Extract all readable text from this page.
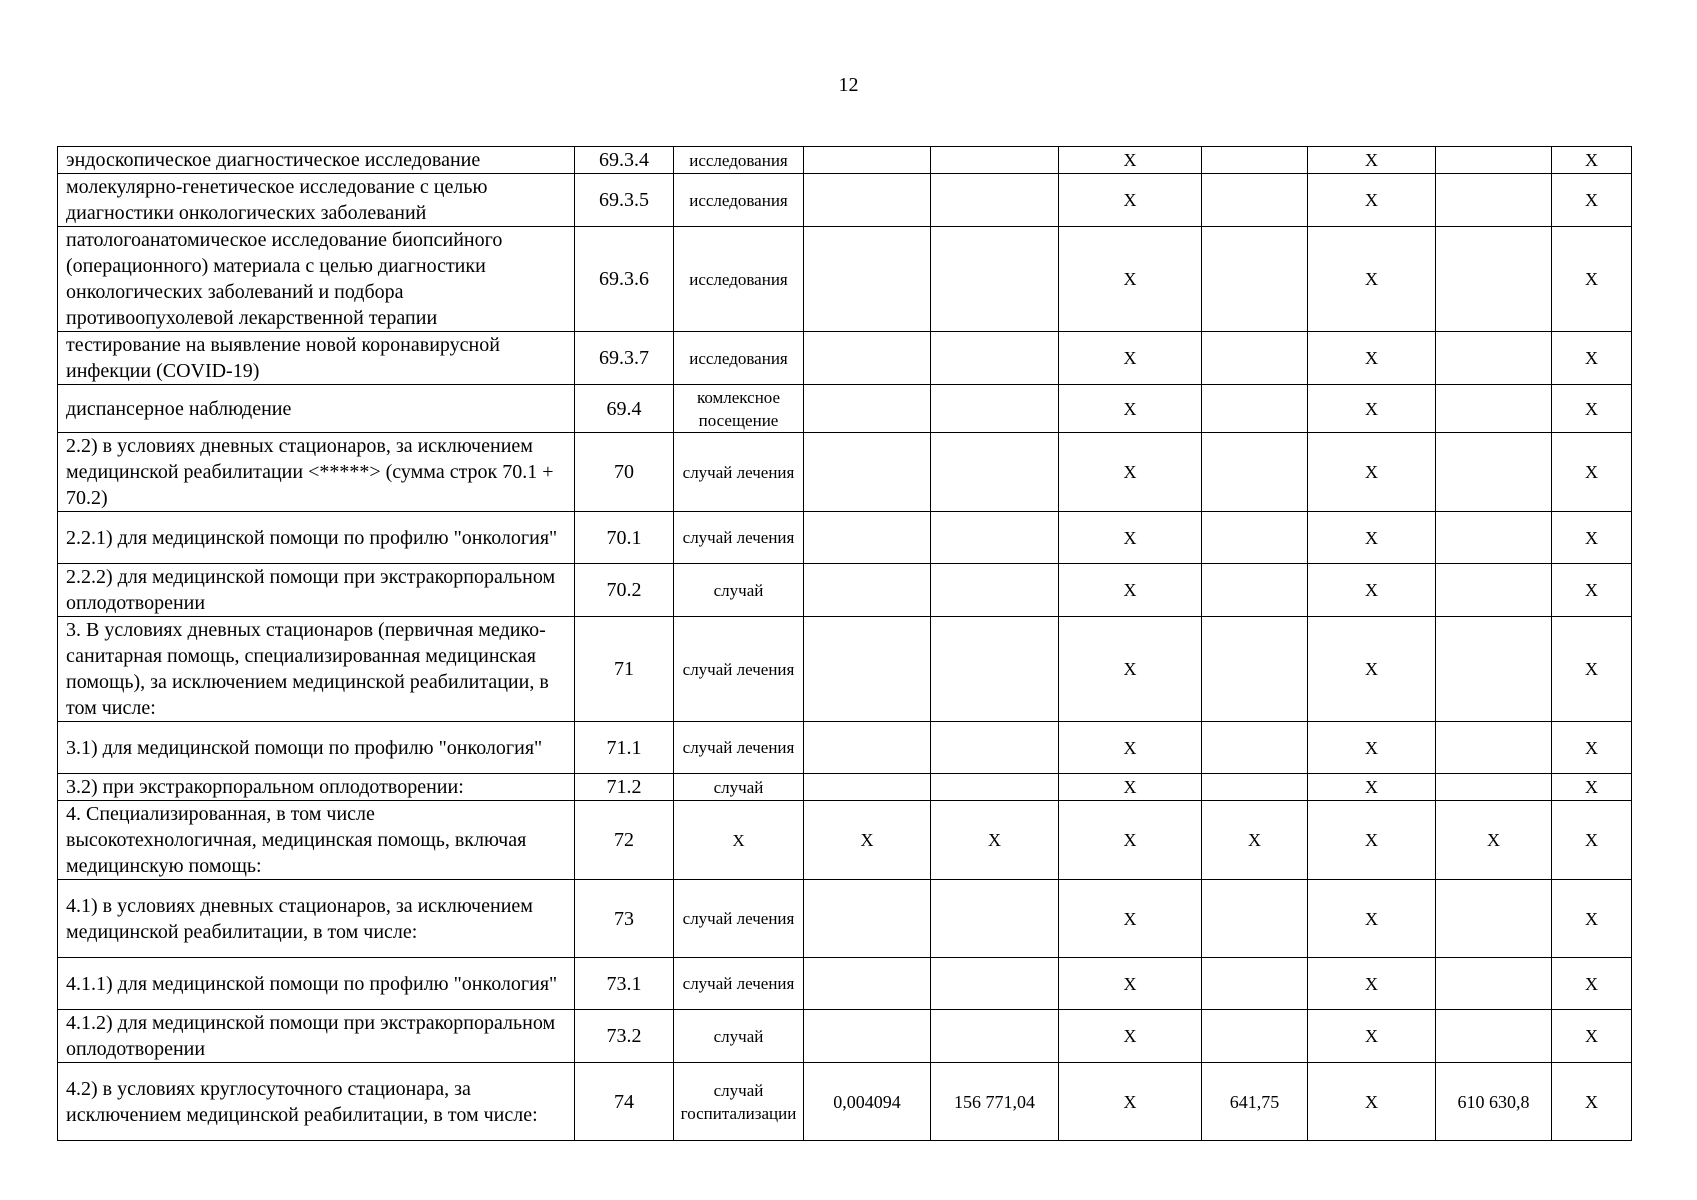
12
эндоскопическое диагностическое исследование	69.3.4	исследования			X		X		X
молекулярно-генетическое исследование с целью диагностики онкологических заболеваний	69.3.5	исследования			X		X		X
патологоанатомическое исследование биопсийного (операционного) материала с целью диагностики онкологических заболеваний и подбора противоопухолевой лекарственной терапии	69.3.6	исследования			X		X		X
тестирование на выявление новой коронавирусной инфекции (COVID-19)	69.3.7	исследования			X		X		X
диспансерное наблюдение	69.4	комлексное посещение			X		X		X
2.2) в условиях дневных стационаров, за исключением медицинской реабилитации <*****> (сумма строк 70.1 + 70.2)	70	случай лечения			X		X		X
2.2.1) для медицинской помощи по профилю "онкология"	70.1	случай лечения			X		X		X
2.2.2) для медицинской помощи при экстракорпоральном оплодотворении	70.2	случай			X		X		X
3. В условиях дневных стационаров (первичная медико-санитарная помощь, специализированная медицинская помощь), за исключением медицинской реабилитации, в том числе:	71	случай лечения			X		X		X
3.1) для медицинской помощи по профилю "онкология"	71.1	случай лечения			X		X		X
3.2) при экстракорпоральном оплодотворении:	71.2	случай			X		X		X
4. Специализированная, в том числе высокотехнологичная, медицинская помощь, включая медицинскую помощь:	72	X	X	X	X	X	X	X	X
4.1) в условиях дневных стационаров, за исключением медицинской реабилитации, в том числе:	73	случай лечения			X		X		X
4.1.1) для медицинской помощи по профилю "онкология"	73.1	случай лечения			X		X		X
4.1.2) для медицинской помощи при экстракорпоральном оплодотворении	73.2	случай			X		X		X
4.2) в условиях круглосуточного стационара, за исключением медицинской реабилитации, в том числе:	74	случай госпитализации	0,004094	156 771,04	X	641,75	X	610 630,8	X
